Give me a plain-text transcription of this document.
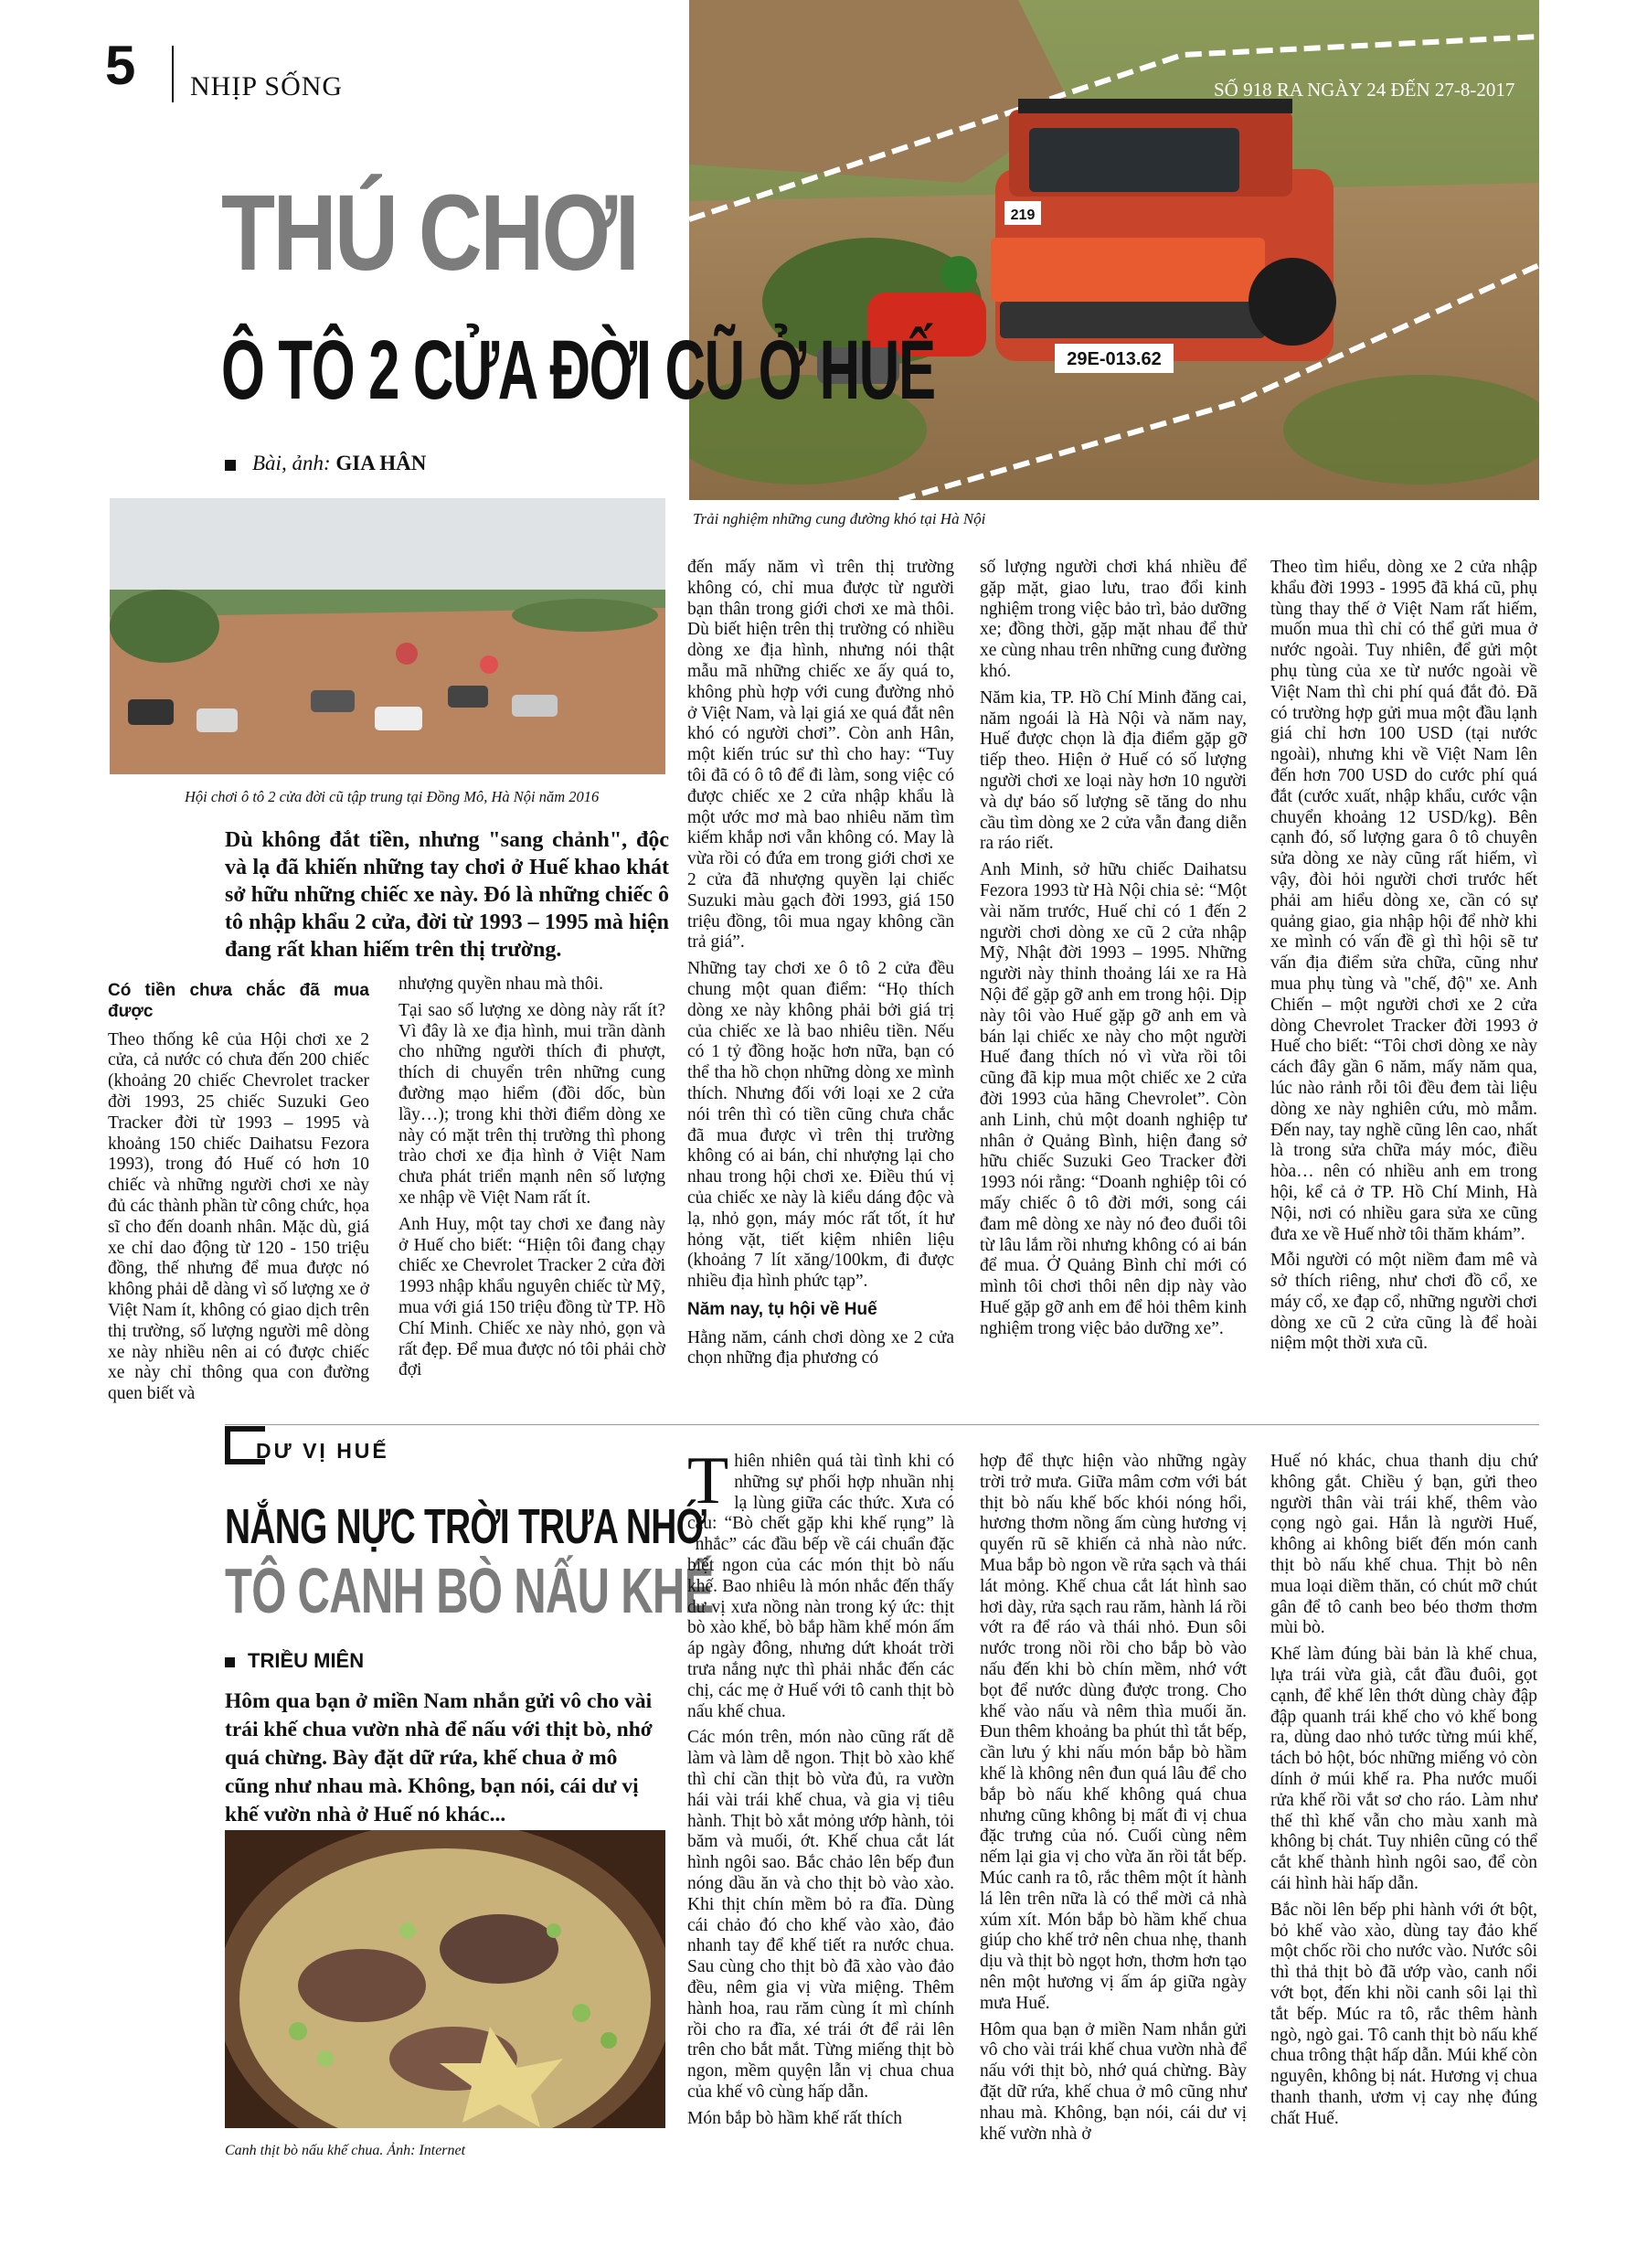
5 NHỊP SỐNG
29E-013.62
219
SỐ 918 RA NGÀY 24 ĐẾN 27-8-2017
THÚ CHƠI
Ô TÔ 2 CỬA ĐỜI CŨ Ở HUẾ
Bài, ảnh: GIA HÂN
Trải nghiệm những cung đường khó tại Hà Nội
Hội chơi ô tô 2 cửa đời cũ tập trung tại Đồng Mô, Hà Nội năm 2016
Dù không đắt tiền, nhưng "sang chảnh", độc và lạ đã khiến những tay chơi ở Huế khao khát sở hữu những chiếc xe này. Đó là những chiếc ô tô nhập khẩu 2 cửa, đời từ 1993 – 1995 mà hiện đang rất khan hiếm trên thị trường.
Có tiền chưa chắc đã mua được

Theo thống kê của Hội chơi xe 2 cửa, cả nước có chưa đến 200 chiếc (khoảng 20 chiếc Chevrolet tracker đời 1993, 25 chiếc Suzuki Geo Tracker đời từ 1993 – 1995 và khoảng 150 chiếc Daihatsu Fezora 1993), trong đó Huế có hơn 10 chiếc và những người chơi xe này đủ các thành phần từ công chức, họa sĩ cho đến doanh nhân. Mặc dù, giá xe chỉ dao động từ 120 - 150 triệu đồng, thế nhưng để mua được nó không phải dễ dàng vì số lượng xe ở Việt Nam ít, không có giao dịch trên thị trường, số lượng người mê dòng xe này nhiều nên ai có được chiếc xe này chỉ thông qua con đường quen biết và

nhượng quyền nhau mà thôi.

Tại sao số lượng xe dòng này rất ít? Vì đây là xe địa hình, mui trần dành cho những người thích đi phượt, thích di chuyển trên những cung đường mạo hiểm (đồi dốc, bùn lầy…); trong khi thời điểm dòng xe này có mặt trên thị trường thì phong trào chơi xe địa hình ở Việt Nam chưa phát triển mạnh nên số lượng xe nhập về Việt Nam rất ít.

Anh Huy, một tay chơi xe đang này ở Huế cho biết: “Hiện tôi đang chạy chiếc xe Chevrolet Tracker 2 cửa đời 1993 nhập khẩu nguyên chiếc từ Mỹ, mua với giá 150 triệu đồng từ TP. Hồ Chí Minh. Chiếc xe này nhỏ, gọn và rất đẹp. Để mua được nó tôi phải chờ đợi

đến mấy năm vì trên thị trường không có, chỉ mua được từ người bạn thân trong giới chơi xe mà thôi. Dù biết hiện trên thị trường có nhiều dòng xe địa hình, nhưng nói thật mẫu mã những chiếc xe ấy quá to, không phù hợp với cung đường nhỏ ở Việt Nam, và lại giá xe quá đắt nên khó có người chơi”. Còn anh Hân, một kiến trúc sư thì cho hay: “Tuy tôi đã có ô tô để đi làm, song việc có được chiếc xe 2 cửa nhập khẩu là một ước mơ mà bao nhiêu năm tìm kiếm khắp nơi vẫn không có. May là vừa rồi có đứa em trong giới chơi xe 2 cửa đã nhượng quyền lại chiếc Suzuki màu gạch đời 1993, giá 150 triệu đồng, tôi mua ngay không cần trả giá”.

Những tay chơi xe ô tô 2 cửa đều chung một quan điểm: “Họ thích dòng xe này không phải bởi giá trị của chiếc xe là bao nhiêu tiền. Nếu có 1 tỷ đồng hoặc hơn nữa, bạn có thể tha hồ chọn những dòng xe mình thích. Nhưng đối với loại xe 2 cửa nói trên thì có tiền cũng chưa chắc đã mua được vì trên thị trường không có ai bán, chỉ nhượng lại cho nhau trong hội chơi xe. Điều thú vị của chiếc xe này là kiểu dáng độc và lạ, nhỏ gọn, máy móc rất tốt, ít hư hỏng vặt, tiết kiệm nhiên liệu (khoảng 7 lít xăng/100km, đi được nhiều địa hình phức tạp”.

Năm nay, tụ hội về Huế

Hằng năm, cánh chơi dòng xe 2 cửa chọn những địa phương có

số lượng người chơi khá nhiều để gặp mặt, giao lưu, trao đổi kinh nghiệm trong việc bảo trì, bảo dưỡng xe; đồng thời, gặp mặt nhau để thử xe cùng nhau trên những cung đường khó.

Năm kia, TP. Hồ Chí Minh đăng cai, năm ngoái là Hà Nội và năm nay, Huế được chọn là địa điểm gặp gỡ tiếp theo. Hiện ở Huế có số lượng người chơi xe loại này hơn 10 người và dự báo số lượng sẽ tăng do nhu cầu tìm dòng xe 2 cửa vẫn đang diễn ra ráo riết.

Anh Minh, sở hữu chiếc Daihatsu Fezora 1993 từ Hà Nội chia sẻ: “Một vài năm trước, Huế chỉ có 1 đến 2 người chơi dòng xe cũ 2 cửa nhập Mỹ, Nhật đời 1993 – 1995. Những người này thỉnh thoảng lái xe ra Hà Nội để gặp gỡ anh em trong hội. Dịp này tôi vào Huế gặp gỡ anh em và bán lại chiếc xe này cho một người Huế đang thích nó vì vừa rồi tôi cũng đã kịp mua một chiếc xe 2 cửa đời 1993 của hãng Chevrolet”. Còn anh Linh, chủ một doanh nghiệp tư nhân ở Quảng Bình, hiện đang sở hữu chiếc Suzuki Geo Tracker đời 1993 nói rằng: “Doanh nghiệp tôi có mấy chiếc ô tô đời mới, song cái đam mê dòng xe này nó đeo đuổi tôi từ lâu lắm rồi nhưng không có ai bán để mua. Ở Quảng Bình chỉ mới có mình tôi chơi thôi nên dịp này vào Huế gặp gỡ anh em để hỏi thêm kinh nghiệm trong việc bảo dưỡng xe”.

Theo tìm hiểu, dòng xe 2 cửa nhập khẩu đời 1993 - 1995 đã khá cũ, phụ tùng thay thế ở Việt Nam rất hiếm, muốn mua thì chỉ có thể gửi mua ở nước ngoài. Tuy nhiên, để gửi một phụ tùng của xe từ nước ngoài về Việt Nam thì chi phí quá đắt đỏ. Đã có trường hợp gửi mua một đầu lạnh giá chỉ hơn 100 USD (tại nước ngoài), nhưng khi về Việt Nam lên đến hơn 700 USD do cước phí quá đắt (cước xuất, nhập khẩu, cước vận chuyển khoảng 12 USD/kg). Bên cạnh đó, số lượng gara ô tô chuyên sửa dòng xe này cũng rất hiếm, vì vậy, đòi hỏi người chơi trước hết phải am hiểu dòng xe, cần có sự quảng giao, gia nhập hội để nhờ khi xe mình có vấn đề gì thì hội sẽ tư vấn địa điểm sửa chữa, cũng như mua phụ tùng và "chế, độ" xe. Anh Chiến – một người chơi xe 2 cửa dòng Chevrolet Tracker đời 1993 ở Huế cho biết: “Tôi chơi dòng xe này cách đây gần 6 năm, mấy năm qua, lúc nào rảnh rỗi tôi đều đem tài liệu dòng xe này nghiên cứu, mò mẫm. Đến nay, tay nghề cũng lên cao, nhất là trong sửa chữa máy móc, điều hòa… nên có nhiều anh em trong hội, kể cả ở TP. Hồ Chí Minh, Hà Nội, nơi có nhiều gara sửa xe cũng đưa xe về Huế nhờ tôi thăm khám”.

Mỗi người có một niềm đam mê và sở thích riêng, như chơi đồ cổ, xe máy cổ, xe đạp cổ, những người chơi dòng xe cũ 2 cửa cũng là để hoài niệm một thời xưa cũ.

DƯ VỊ HUẾ
NẮNG NỰC TRỜI TRƯA NHỚ
TÔ CANH BÒ NẤU KHẾ
TRIỀU MIÊN
Hôm qua bạn ở miền Nam nhắn gửi vô cho vài trái khế chua vườn nhà để nấu với thịt bò, nhớ quá chừng. Bày đặt dữ rứa, khế chua ở mô cũng như nhau mà. Không, bạn nói, cái dư vị khế vườn nhà ở Huế nó khác...
Canh thịt bò nấu khế chua. Ảnh: Internet

Thiên nhiên quá tài tình khi có những sự phối hợp nhuần nhị lạ lùng giữa các thức. Xưa có câu: “Bò chết gặp khi khế rụng” là “nhắc” các đầu bếp về cái chuẩn đặc biệt ngon của các món thịt bò nấu khế. Bao nhiêu là món nhắc đến thấy dư vị xưa nồng nàn trong ký ức: thịt bò xào khế, bò bắp hầm khế món ấm áp ngày đông, nhưng dứt khoát trời trưa nắng nực thì phải nhắc đến các chị, các mẹ ở Huế với tô canh thịt bò nấu khế chua.

Các món trên, món nào cũng rất dễ làm và làm dễ ngon. Thịt bò xào khế thì chỉ cần thịt bò vừa đủ, ra vườn hái vài trái khế chua, và gia vị tiêu hành. Thịt bò xắt mỏng ướp hành, tỏi băm và muối, ớt. Khế chua cắt lát hình ngôi sao. Bắc chảo lên bếp đun nóng dầu ăn và cho thịt bò vào xào. Khi thịt chín mềm bỏ ra đĩa. Dùng cái chảo đó cho khế vào xào, đảo nhanh tay để khế tiết ra nước chua. Sau cùng cho thịt bò đã xào vào đảo đều, nêm gia vị vừa miệng. Thêm hành hoa, rau răm cùng ít mì chính rồi cho ra đĩa, xé trái ớt để rải lên trên cho bắt mắt. Từng miếng thịt bò ngon, mềm quyện lẫn vị chua chua của khế vô cùng hấp dẫn.

Món bắp bò hầm khế rất thích

hợp để thực hiện vào những ngày trời trở mưa. Giữa mâm cơm với bát thịt bò nấu khế bốc khói nóng hổi, hương thơm nồng ấm cùng hương vị quyến rũ sẽ khiến cả nhà nào nức. Mua bắp bò ngon về rửa sạch và thái lát mỏng. Khế chua cắt lát hình sao hơi dày, rửa sạch rau răm, hành lá rồi vớt ra để ráo và thái nhỏ. Đun sôi nước trong nồi rồi cho bắp bò vào nấu đến khi bò chín mềm, nhớ vớt bọt để nước dùng được trong. Cho khế vào nấu và nêm thìa muối ăn. Đun thêm khoảng ba phút thì tắt bếp, cần lưu ý khi nấu món bắp bò hầm khế là không nên đun quá lâu để cho bắp bò nấu khế không quá chua nhưng cũng không bị mất đi vị chua đặc trưng của nó. Cuối cùng nêm nếm lại gia vị cho vừa ăn rồi tắt bếp. Múc canh ra tô, rắc thêm một ít hành lá lên trên nữa là có thể mời cả nhà xúm xít. Món bắp bò hầm khế chua giúp cho khế trở nên chua nhẹ, thanh dịu và thịt bò ngọt hơn, thơm hơn tạo nên một hương vị ấm áp giữa ngày mưa Huế.

Hôm qua bạn ở miền Nam nhắn gửi vô cho vài trái khế chua vườn nhà để nấu với thịt bò, nhớ quá chừng. Bày đặt dữ rứa, khế chua ở mô cũng như nhau mà. Không, bạn nói, cái dư vị khế vườn nhà ở

Huế nó khác, chua thanh dịu chứ không gắt. Chiều ý bạn, gửi theo người thân vài trái khế, thêm vào cọng ngò gai. Hắn là người Huế, không ai không biết đến món canh thịt bò nấu khế chua. Thịt bò nên mua loại diềm thăn, có chút mỡ chút gân để tô canh beo béo thơm thơm mùi bò.

Khế làm đúng bài bản là khế chua, lựa trái vừa già, cắt đầu đuôi, gọt cạnh, để khế lên thớt dùng chày đập đập quanh trái khế cho vỏ khế bong ra, dùng dao nhỏ tước từng múi khế, tách bỏ hột, bóc những miếng vỏ còn dính ở múi khế ra. Pha nước muối rửa khế rồi vắt sơ cho ráo. Làm như thế thì khế vẫn cho màu xanh mà không bị chát. Tuy nhiên cũng có thể cắt khế thành hình ngôi sao, để còn cái hình hài hấp dẫn.

Bắc nồi lên bếp phi hành với ớt bột, bỏ khế vào xào, dùng tay đảo khế một chốc rồi cho nước vào. Nước sôi thì thả thịt bò đã ướp vào, canh nổi vớt bọt, đến khi nồi canh sôi lại thì tắt bếp. Múc ra tô, rắc thêm hành ngò, ngò gai. Tô canh thịt bò nấu khế chua trông thật hấp dẫn. Múi khế còn nguyên, không bị nát. Hương vị chua thanh thanh, ươm vị cay nhẹ đúng chất Huế.
